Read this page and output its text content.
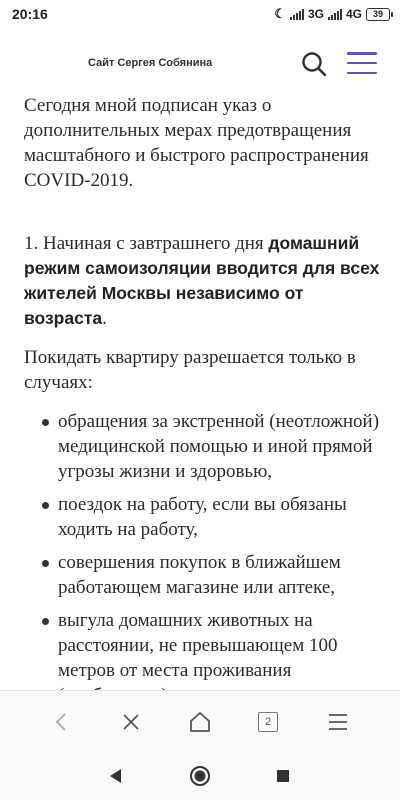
20:16	☾ 3G 4G 39
Сайт Сергея Собянина

Сегодня мной подписан указ о дополнительных мерах предотвращения масштабного и быстрого распространения COVID-2019.

1. Начиная с завтрашнего дня домашний режим самоизоляции вводится для всех жителей Москвы независимо от возраста.

Покидать квартиру разрешается только в случаях:

обращения за экстренной (неотложной) медицинской помощью и иной прямой угрозы жизни и здоровью,
поездок на работу, если вы обязаны ходить на работу,
совершения покупок в ближайшем работающем магазине или аптеке,
выгула домашних животных на расстоянии, не превышающем 100 метров от места проживания
2
